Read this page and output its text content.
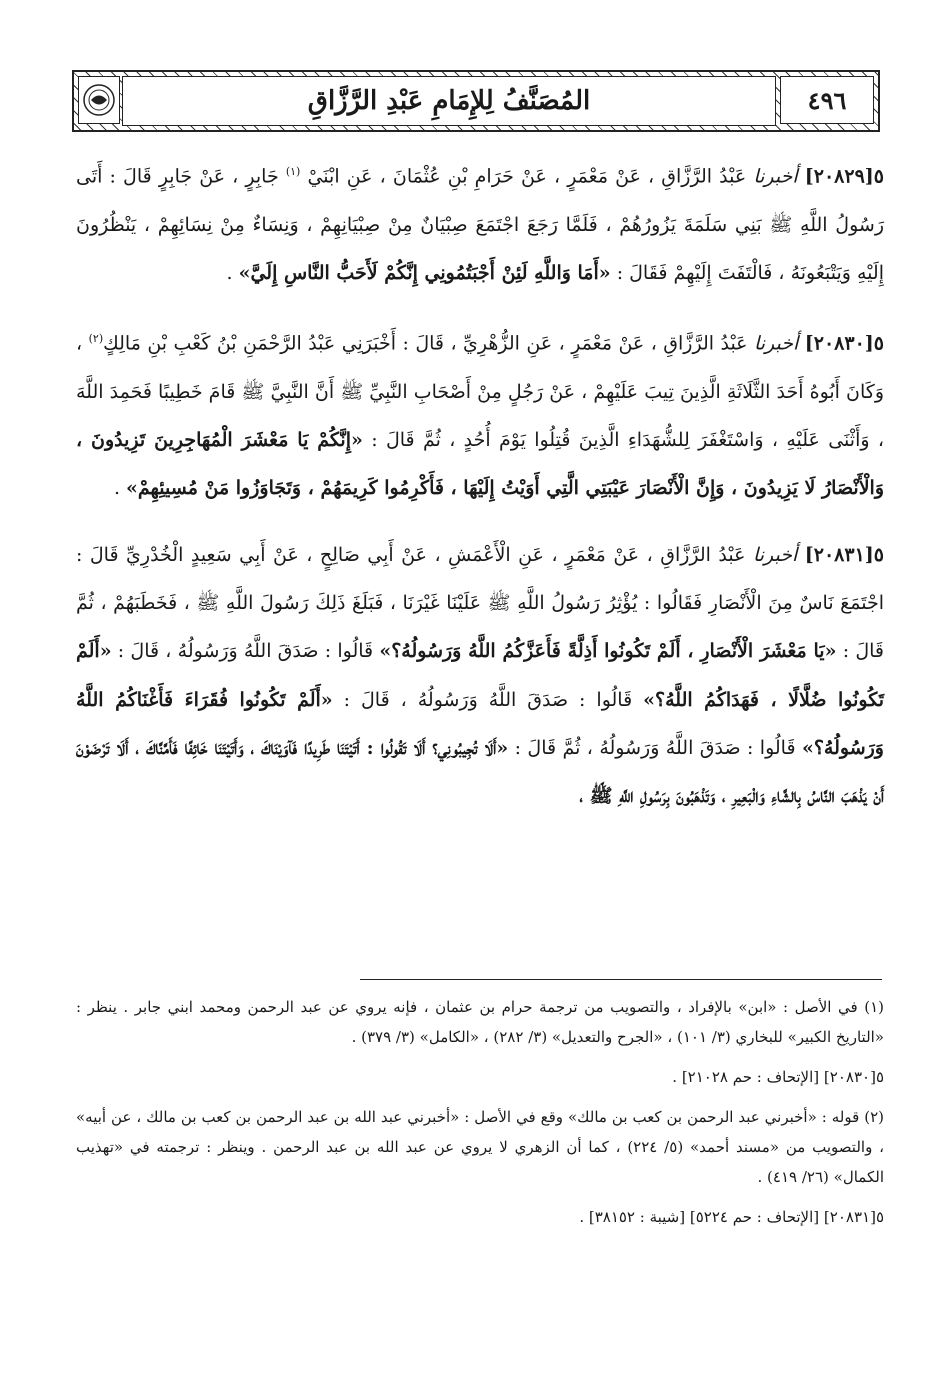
٤٩٦
المُصَنَّفُ لِلإِمَامِ عَبْدِ الرَّزَّاقِ

٥[٢٠٨٢٩] أخبرنا عَبْدُ الرَّزَّاقِ ، عَنْ مَعْمَرٍ ، عَنْ حَرَامِ بْنِ عُثْمَانَ ، عَنِ ابْنَيْ $^{(١)}$ جَابِرٍ ، عَنْ جَابِرٍ قَالَ : أَتَى رَسُولُ اللَّهِ ﷺ بَنِي سَلَمَةَ يَزُورُهُمْ ، فَلَمَّا رَجَعَ اجْتَمَعَ صِبْيَانٌ مِنْ صِبْيَانِهِمْ ، وَنِسَاءٌ مِنْ نِسَائِهِمْ ، يَنْظُرُونَ إِلَيْهِ وَيَتْبَعُونَهُ ، فَالْتَفَتَ إِلَيْهِمْ فَقَالَ : «أَمَا وَاللَّهِ لَئِنْ أَجْبَتُمُونِي إِنَّكُمْ لَأَحَبُّ النَّاسِ إِلَيَّ» .

٥[٢٠٨٣٠] أخبرنا عَبْدُ الرَّزَّاقِ ، عَنْ مَعْمَرٍ ، عَنِ الزُّهْرِيِّ ، قَالَ : أَخْبَرَنِي عَبْدُ الرَّحْمَنِ بْنُ كَعْبِ بْنِ مَالِكٍ$^{(٢)}$ ، وَكَانَ أَبُوهُ أَحَدَ الثَّلَاثَةِ الَّذِينَ تِيبَ عَلَيْهِمْ ، عَنْ رَجُلٍ مِنْ أَصْحَابِ النَّبِيِّ ﷺ أَنَّ النَّبِيَّ ﷺ قَامَ خَطِيبًا فَحَمِدَ اللَّهَ ، وَأَثْنَى عَلَيْهِ ، وَاسْتَغْفَرَ لِلشُّهَدَاءِ الَّذِينَ قُتِلُوا يَوْمَ أُحُدٍ ، ثُمَّ قَالَ : «إِنَّكُمْ يَا مَعْشَرَ الْمُهَاجِرِينَ تَزِيدُونَ ، وَالْأَنْصَارُ لَا يَزِيدُونَ ، وَإِنَّ الْأَنْصَارَ عَيْبَتِي الَّتِي أَوَيْتُ إِلَيْهَا ، فَأَكْرِمُوا كَرِيمَهُمْ ، وَتَجَاوَزُوا مَنْ مُسِيئِهِمْ» .

٥[٢٠٨٣١] أخبرنا عَبْدُ الرَّزَّاقِ ، عَنْ مَعْمَرٍ ، عَنِ الْأَعْمَشِ ، عَنْ أَبِي صَالِحٍ ، عَنْ أَبِي سَعِيدٍ الْخُدْرِيِّ قَالَ : اجْتَمَعَ نَاسٌ مِنَ الْأَنْصَارِ فَقَالُوا : يُؤْثِرُ رَسُولُ اللَّهِ ﷺ عَلَيْنَا غَيْرَنَا ، فَبَلَغَ ذَلِكَ رَسُولَ اللَّهِ ﷺ ، فَخَطَبَهُمْ ، ثُمَّ قَالَ : «يَا مَعْشَرَ الْأَنْصَارِ ، أَلَمْ تَكُونُوا أَذِلَّةً فَأَعَزَّكُمُ اللَّهُ وَرَسُولُهُ؟» قَالُوا : صَدَقَ اللَّهُ وَرَسُولُهُ ، قَالَ : «أَلَمْ تَكُونُوا ضُلَّالًا ، فَهَدَاكُمُ اللَّهُ؟» قَالُوا : صَدَقَ اللَّهُ وَرَسُولُهُ ، قَالَ : «أَلَمْ تَكُونُوا فُقَرَاءَ فَأَغْنَاكُمُ اللَّهُ وَرَسُولُهُ؟» قَالُوا : صَدَقَ اللَّهُ وَرَسُولُهُ ، ثُمَّ قَالَ : «أَلَا تُجِيبُونِي؟ أَلَا تَقُولُوا : أَتَيْتَنَا طَرِيدًا فَآوَيْنَاكَ ، وَأَتَيْتَنَا خَائِفًا فَأَمَّنَّاكَ ، أَلَا تَرْضَوْنَ أَنْ يَذْهَبَ النَّاسُ بِالشَّاءِ وَالْبَعِيرِ ، وَتَذْهَبُونَ بِرَسُولِ اللَّهِ ﷺ ،

(١) في الأصل : «ابن» بالإفراد ، والتصويب من ترجمة حرام بن عثمان ، فإنه يروي عن عبد الرحمن ومحمد ابني جابر . ينظر : «التاريخ الكبير» للبخاري (٣/ ١٠١) ، «الجرح والتعديل» (٣/ ٢٨٢) ، «الكامل» (٣/ ٣٧٩) .

٥[٢٠٨٣٠] [الإتحاف : حم ٢١٠٢٨] .

(٢) قوله : «أخبرني عبد الرحمن بن كعب بن مالك» وقع في الأصل : «أخبرني عبد الله بن عبد الرحمن بن كعب بن مالك ، عن أبيه» ، والتصويب من «مسند أحمد» (٥/ ٢٢٤) ، كما أن الزهري لا يروي عن عبد الله بن عبد الرحمن . وينظر : ترجمته في «تهذيب الكمال» (٢٦/ ٤١٩) .

٥[٢٠٨٣١] [الإتحاف : حم ٥٢٢٤] [شيبة : ٣٨١٥٢] .
